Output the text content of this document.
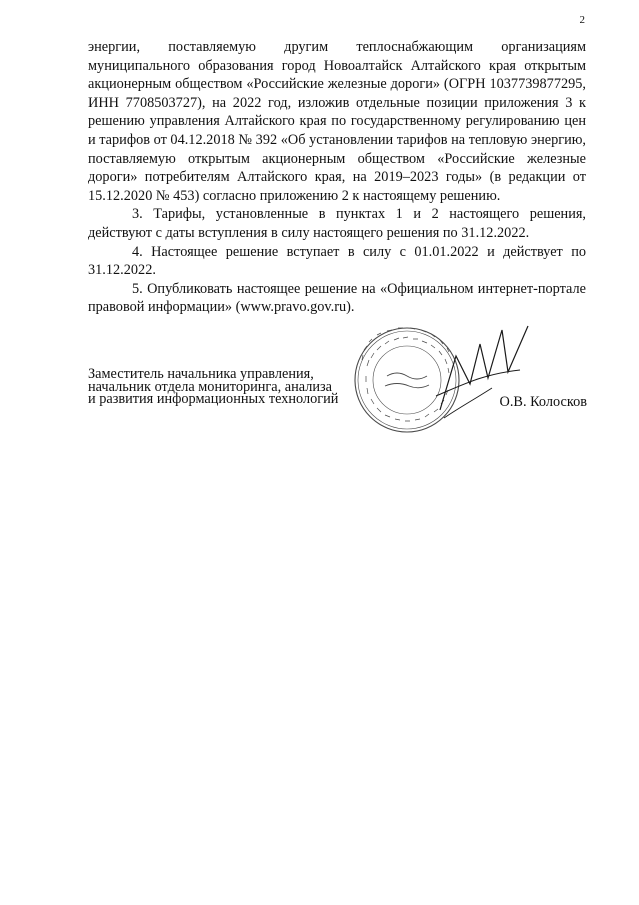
2

энергии, поставляемую другим теплоснабжающим организациям муниципального образования город Новоалтайск Алтайского края открытым акционерным обществом «Российские железные дороги» (ОГРН 1037739877295, ИНН 7708503727), на 2022 год, изложив отдельные позиции приложения 3 к решению управления Алтайского края по государственному регулированию цен и тарифов от 04.12.2018 № 392 «Об установлении тарифов на тепловую энергию, поставляемую открытым акционерным обществом «Российские железные дороги» потребителям Алтайского края, на 2019–2023 годы» (в редакции от 15.12.2020 № 453) согласно приложению 2 к настоящему решению.

3. Тарифы, установленные в пунктах 1 и 2 настоящего решения, действуют с даты вступления в силу настоящего решения по 31.12.2022.

4. Настоящее решение вступает в силу с 01.01.2022 и действует по 31.12.2022.

5. Опубликовать настоящее решение на «Официальном интернет-портале правовой информации» (www.pravo.gov.ru).

Заместитель начальника управления,
начальник отдела мониторинга, анализа
и развития информационных технологий	О.В. Колосков
